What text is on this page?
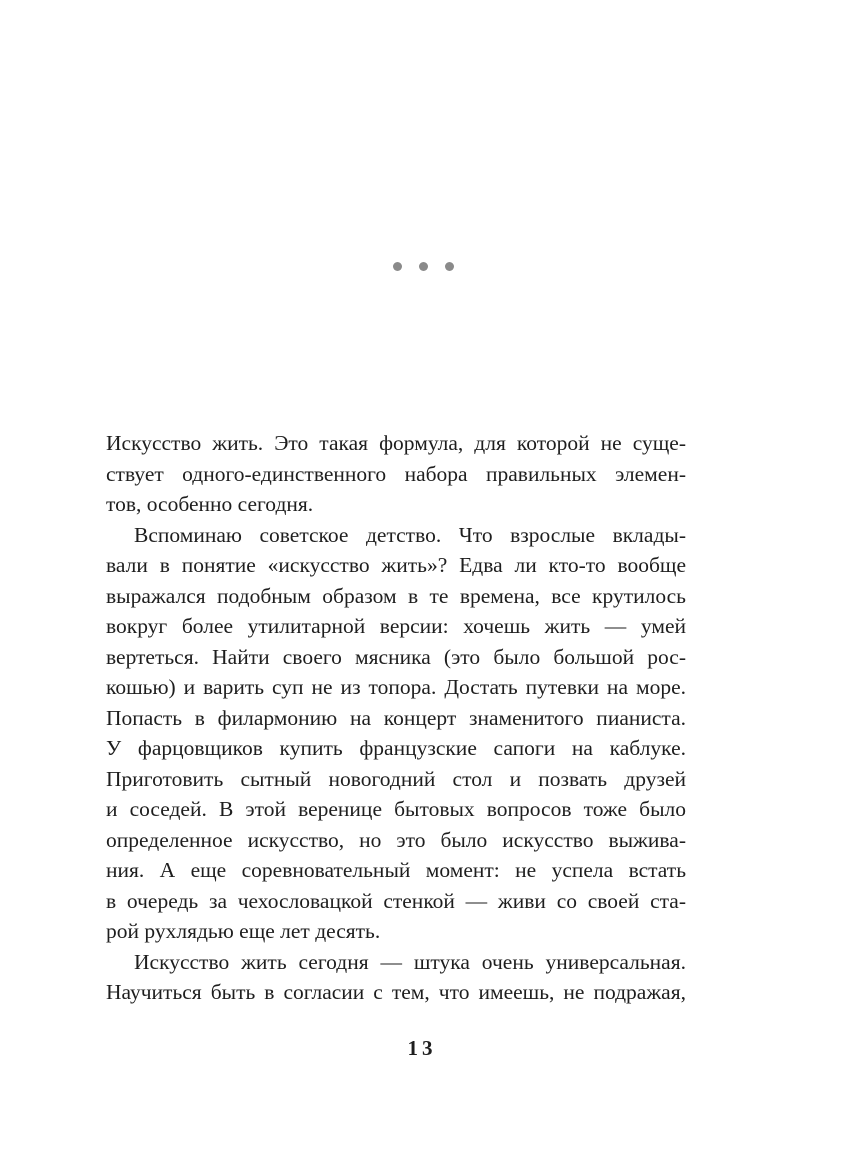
Искусство жить. Это такая формула, для которой не суще-
ствует одного-единственного набора правильных элемен-
тов, особенно сегодня.
Вспоминаю советское детство. Что взрослые вклады-
вали в понятие «искусство жить»? Едва ли кто-то вообще
выражался подобным образом в те времена, все крутилось
вокруг более утилитарной версии: хочешь жить — умей
вертеться. Найти своего мясника (это было большой рос-
кошью) и варить суп не из топора. Достать путевки на море.
Попасть в филармонию на концерт знаменитого пианиста.
У фарцовщиков купить французские сапоги на каблуке.
Приготовить сытный новогодний стол и позвать друзей
и соседей. В этой веренице бытовых вопросов тоже было
определенное искусство, но это было искусство выжива-
ния. А еще соревновательный момент: не успела встать
в очередь за чехословацкой стенкой — живи со своей ста-
рой рухлядью еще лет десять.
Искусство жить сегодня — штука очень универсальная.
Научиться быть в согласии с тем, что имеешь, не подражая,
13
